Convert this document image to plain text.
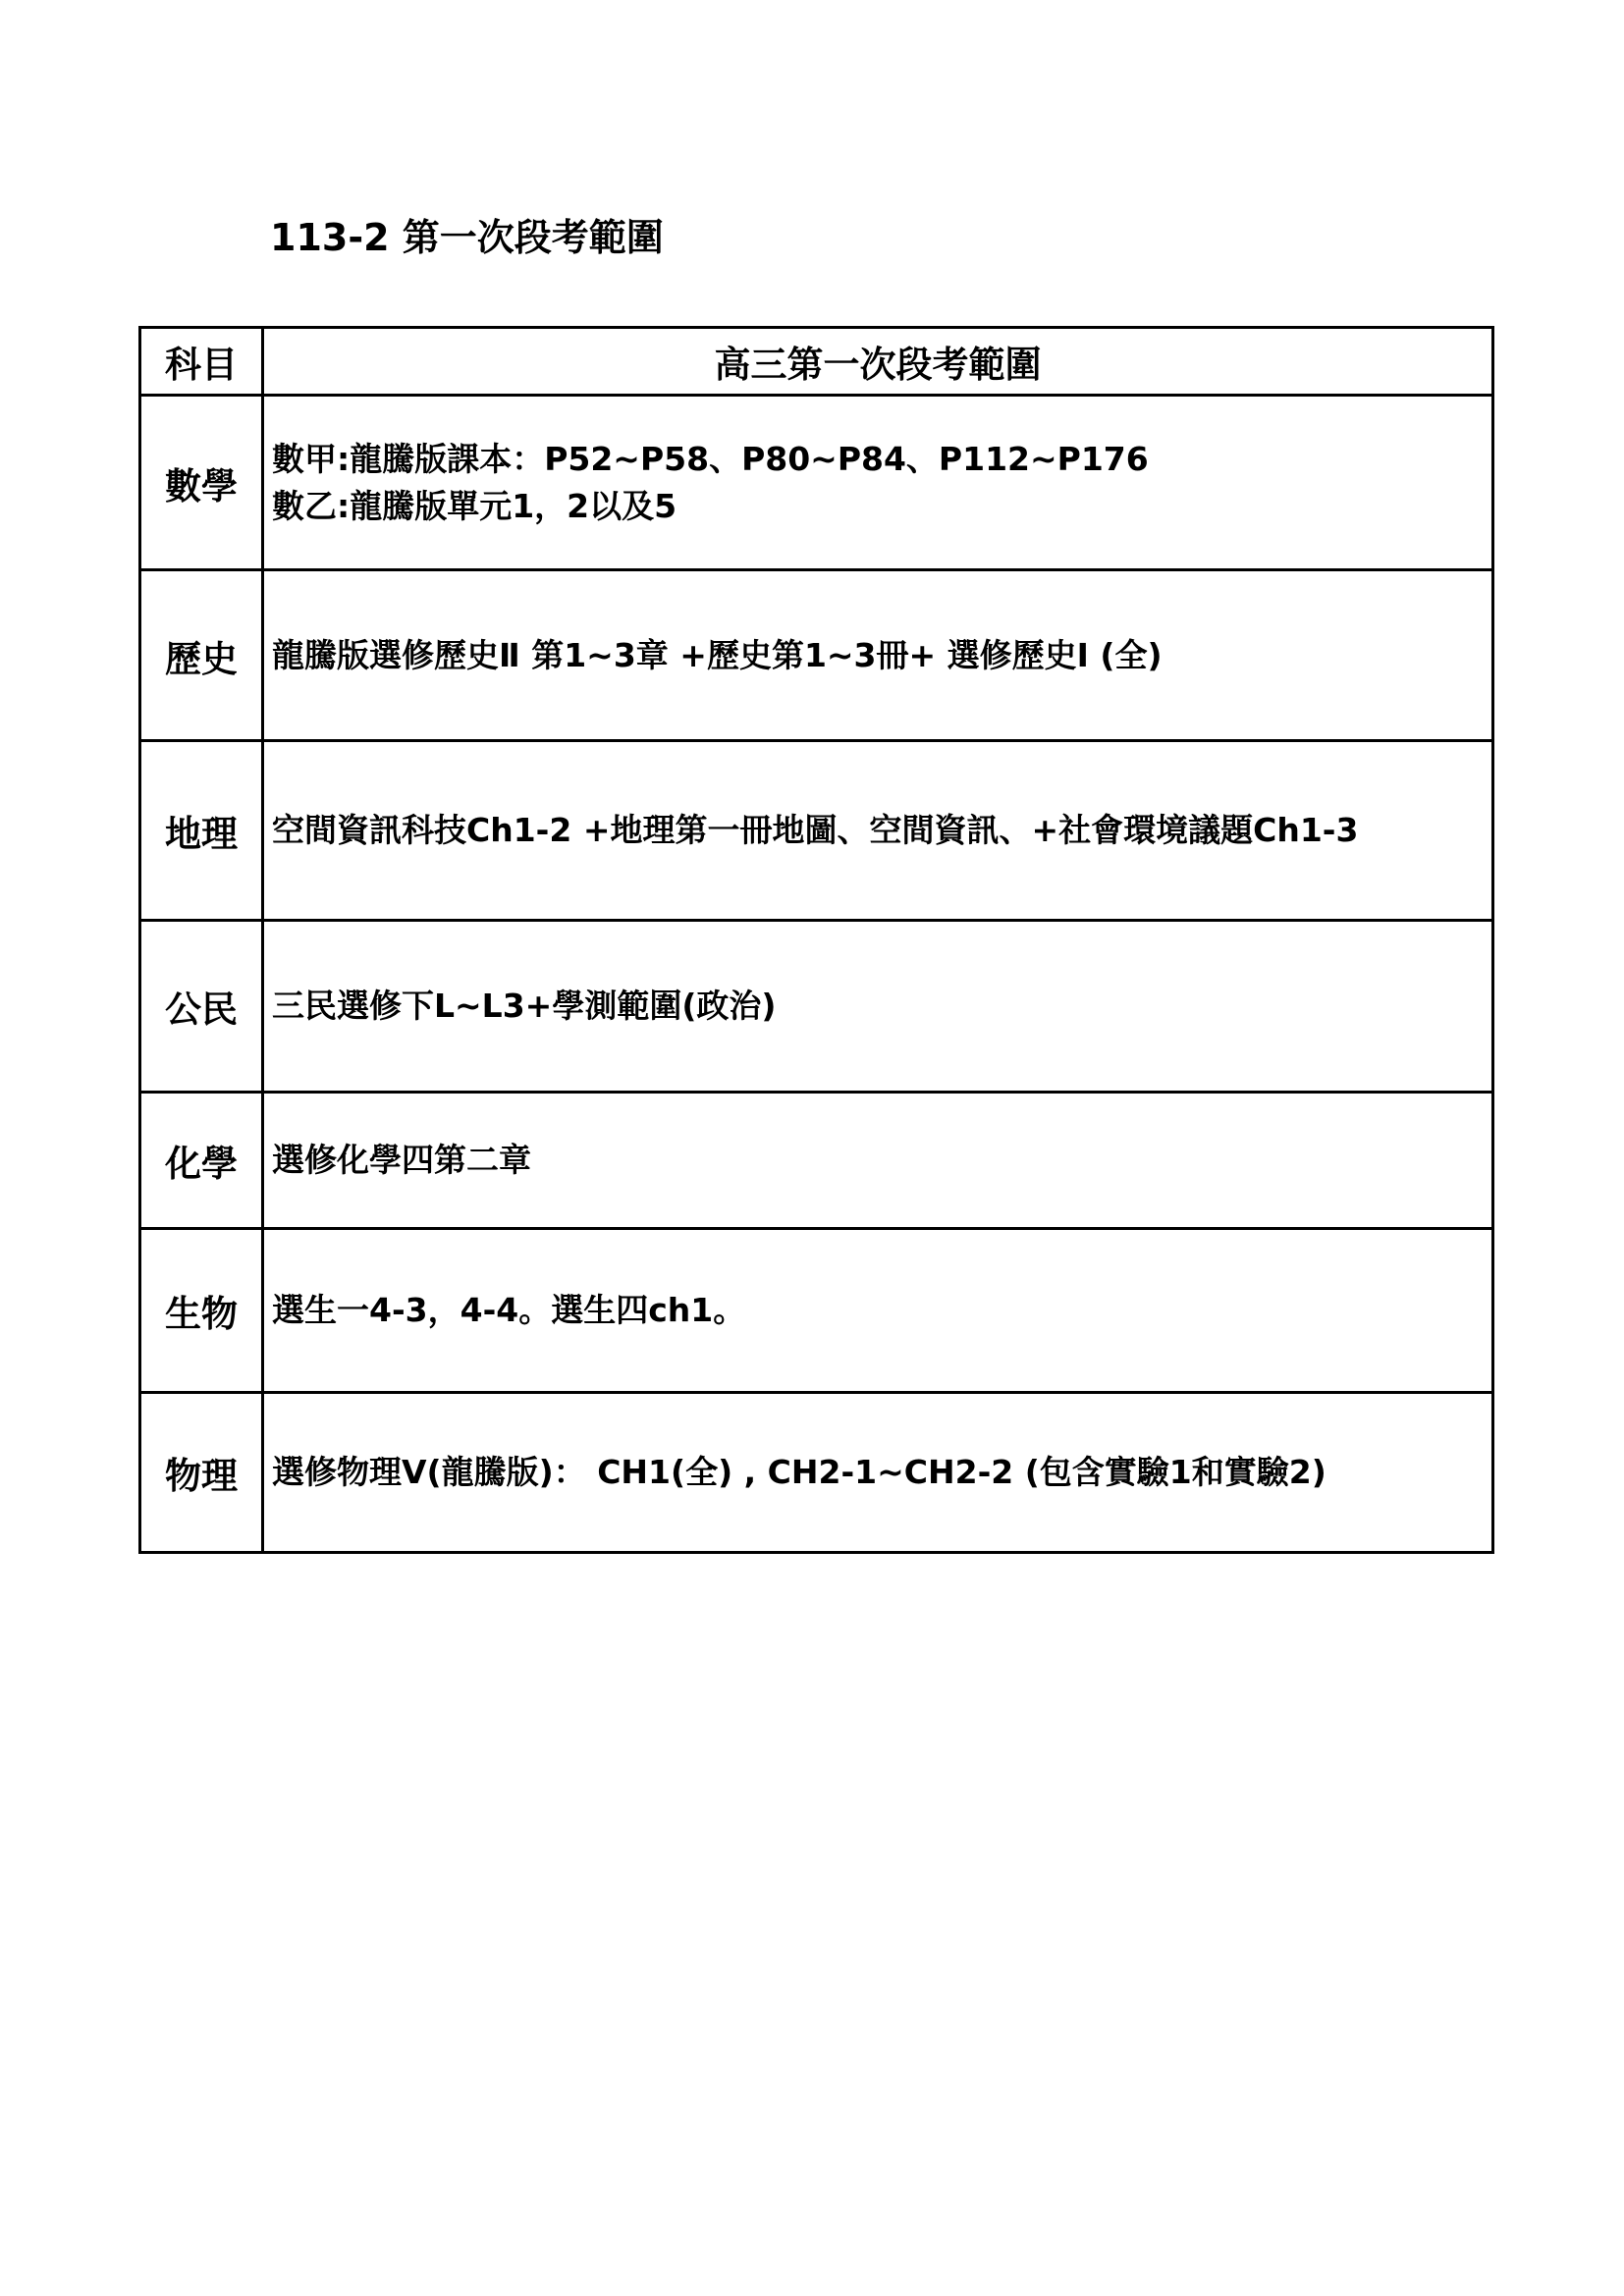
113-2 第一次段考範圍
科目	高三第一次段考範圍
數學	數甲:龍騰版課本：P52~P58、P80~P84、P112~P176
數乙:龍騰版單元1，2以及5

歷史	龍騰版選修歷史Ⅱ 第1~3章 +歷史第1~3冊+ 選修歷史Ⅰ (全)

地理	空間資訊科技Ch1-2 +地理第一冊地圖、空間資訊、+社會環境議題Ch1-3

公民	三民選修下L~L3+學測範圍(政治)

化學	選修化學四第二章

生物	選生一4-3，4-4。選生四ch1。

物理	選修物理V(龍騰版)： CH1(全) , CH2-1~CH2-2 (包含實驗1和實驗2)
